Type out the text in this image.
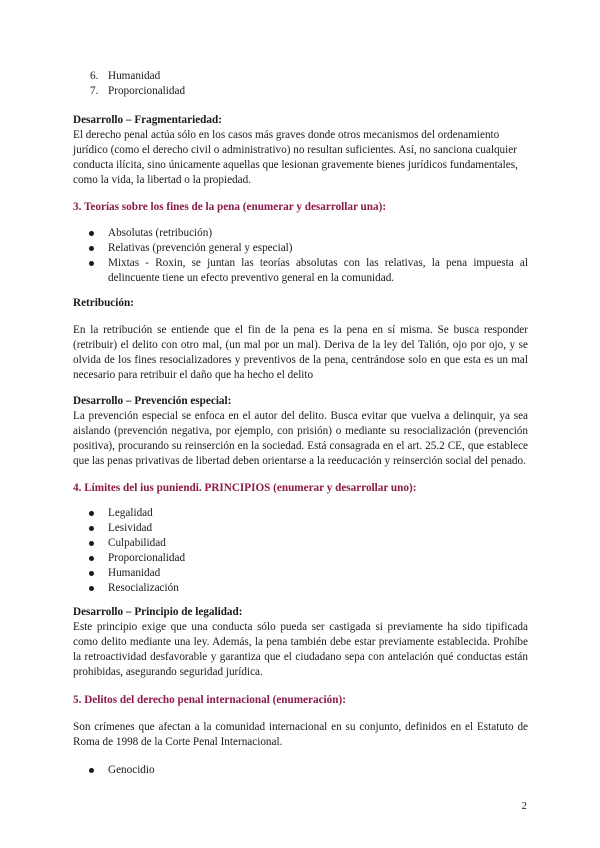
6. Humanidad
7. Proporcionalidad
Desarrollo – Fragmentariedad:

El derecho penal actúa sólo en los casos más graves donde otros mecanismos del ordenamiento jurídico (como el derecho civil o administrativo) no resultan suficientes. Así, no sanciona cualquier conducta ilícita, sino únicamente aquellas que lesionan gravemente bienes jurídicos fundamentales, como la vida, la libertad o la propiedad.

3. Teorías sobre los fines de la pena (enumerar y desarrollar una):
Absolutas (retribución)
Relativas (prevención general y especial)
Mixtas - Roxin, se juntan las teorías absolutas con las relativas, la pena impuesta al delincuente tiene un efecto preventivo general en la comunidad.
Retribución:

En la retribución se entiende que el fin de la pena es la pena en sí misma. Se busca responder (retribuir) el delito con otro mal, (un mal por un mal). Deriva de la ley del Talión, ojo por ojo, y se olvida de los fines resocializadores y preventivos de la pena, centrándose solo en que esta es un mal necesario para retribuir el daño que ha hecho el delito

Desarrollo – Prevención especial:

La prevención especial se enfoca en el autor del delito. Busca evitar que vuelva a delinquir, ya sea aislando (prevención negativa, por ejemplo, con prisión) o mediante su resocialización (prevención positiva), procurando su reinserción en la sociedad. Está consagrada en el art. 25.2 CE, que establece que las penas privativas de libertad deben orientarse a la reeducación y reinserción social del penado.

4. Límites del ius puniendi. PRINCIPIOS (enumerar y desarrollar uno):
Legalidad
Lesividad
Culpabilidad
Proporcionalidad
Humanidad
Resocialización
Desarrollo – Principio de legalidad:

Este principio exige que una conducta sólo pueda ser castigada si previamente ha sido tipificada como delito mediante una ley. Además, la pena también debe estar previamente establecida. Prohíbe la retroactividad desfavorable y garantiza que el ciudadano sepa con antelación qué conductas están prohibidas, asegurando seguridad jurídica.

5. Delitos del derecho penal internacional (enumeración):

Son crímenes que afectan a la comunidad internacional en su conjunto, definidos en el Estatuto de Roma de 1998 de la Corte Penal Internacional.

Genocidio
2
